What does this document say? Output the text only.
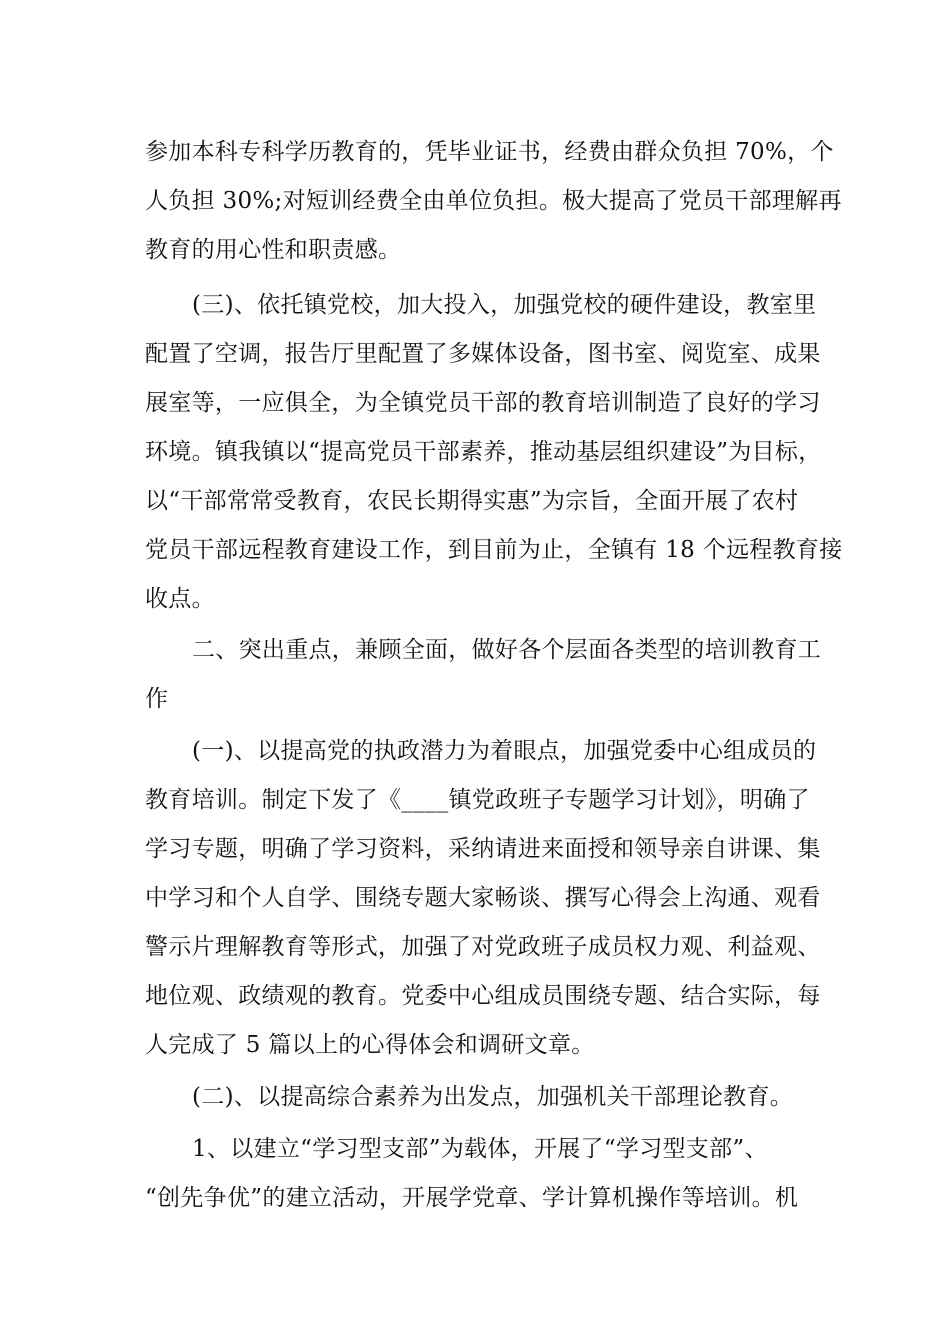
参加本科专科学历教育的，凭毕业证书，经费由群众负担 70%，个
人负担 30%;对短训经费全由单位负担。极大提高了党员干部理解再
教育的用心性和职责感。
(三)、依托镇党校，加大投入，加强党校的硬件建设，教室里
配置了空调，报告厅里配置了多媒体设备，图书室、阅览室、成果
展室等，一应俱全，为全镇党员干部的教育培训制造了良好的学习
环境。镇我镇以“提高党员干部素养，推动基层组织建设”为目标，
以“干部常常受教育，农民长期得实惠”为宗旨，全面开展了农村
党员干部远程教育建设工作，到目前为止，全镇有 18 个远程教育接
收点。
二、突出重点，兼顾全面，做好各个层面各类型的培训教育工
作
(一)、以提高党的执政潜力为着眼点，加强党委中心组成员的
教育培训。制定下发了《____镇党政班子专题学习计划》，明确了
学习专题，明确了学习资料，采纳请进来面授和领导亲自讲课、集
中学习和个人自学、围绕专题大家畅谈、撰写心得会上沟通、观看
警示片理解教育等形式，加强了对党政班子成员权力观、利益观、
地位观、政绩观的教育。党委中心组成员围绕专题、结合实际，每
人完成了 5 篇以上的心得体会和调研文章。
(二)、以提高综合素养为出发点，加强机关干部理论教育。
1、以建立“学习型支部”为载体，开展了“学习型支部”、
“创先争优”的建立活动，开展学党章、学计算机操作等培训。机
